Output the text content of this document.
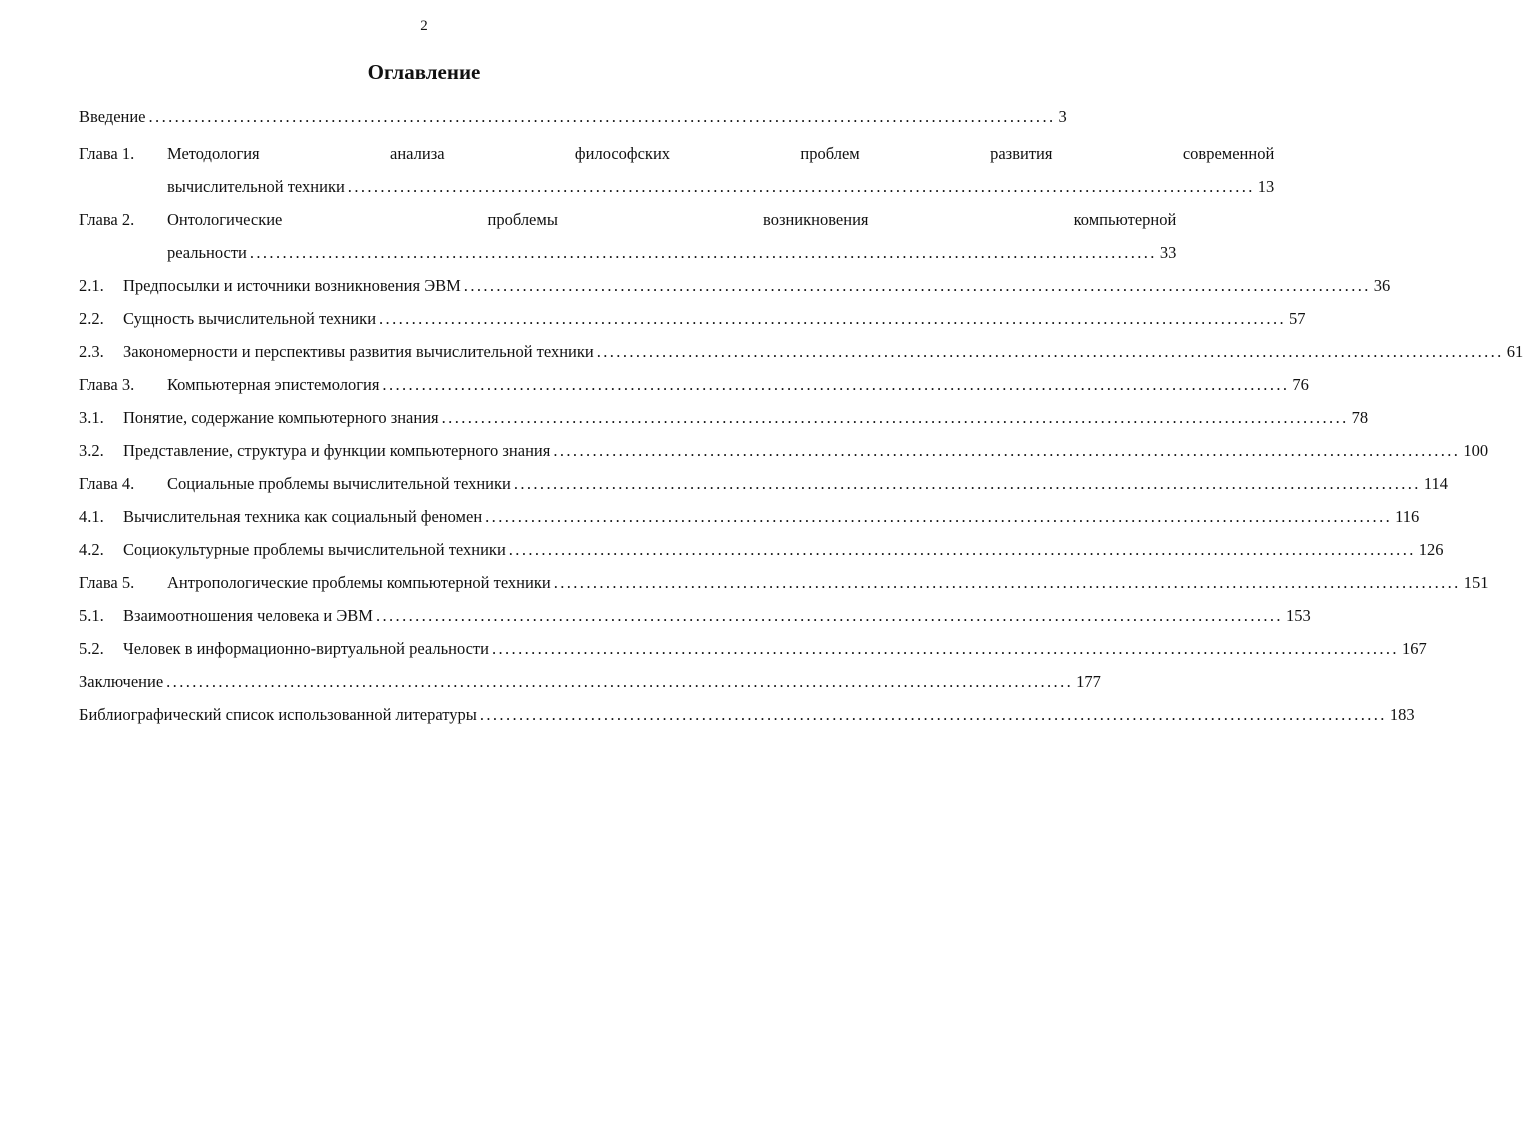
2
Оглавление
Введение ........................................................................................................................................... 3
Глава 1.	Методология анализа философских проблем развития современной
вычислительной техники ........................................................................................................................................... 13
Глава 2.	Онтологические проблемы возникновения компьютерной
реальности ........................................................................................................................................... 33
2.1.	Предпосылки и источники возникновения ЭВМ ........................................................................................................................................... 36
2.2.	Сущность вычислительной техники ........................................................................................................................................... 57
2.3.	Закономерности и перспективы развития вычислительной техники ........................................................................................................................................... 61
Глава 3.	Компьютерная эпистемология ........................................................................................................................................... 76
3.1.	Понятие, содержание компьютерного знания ........................................................................................................................................... 78
3.2.	Представление, структура и функции компьютерного знания ........................................................................................................................................... 100
Глава 4.	Социальные проблемы вычислительной техники ........................................................................................................................................... 114
4.1.	Вычислительная техника как социальный феномен ........................................................................................................................................... 116
4.2.	Социокультурные проблемы вычислительной техники ........................................................................................................................................... 126
Глава 5.	Антропологические проблемы компьютерной техники ........................................................................................................................................... 151
5.1.	Взаимоотношения человека и ЭВМ ........................................................................................................................................... 153
5.2.	Человек в информационно-виртуальной реальности ........................................................................................................................................... 167
Заключение ........................................................................................................................................... 177
Библиографический список использованной литературы ........................................................................................................................................... 183
